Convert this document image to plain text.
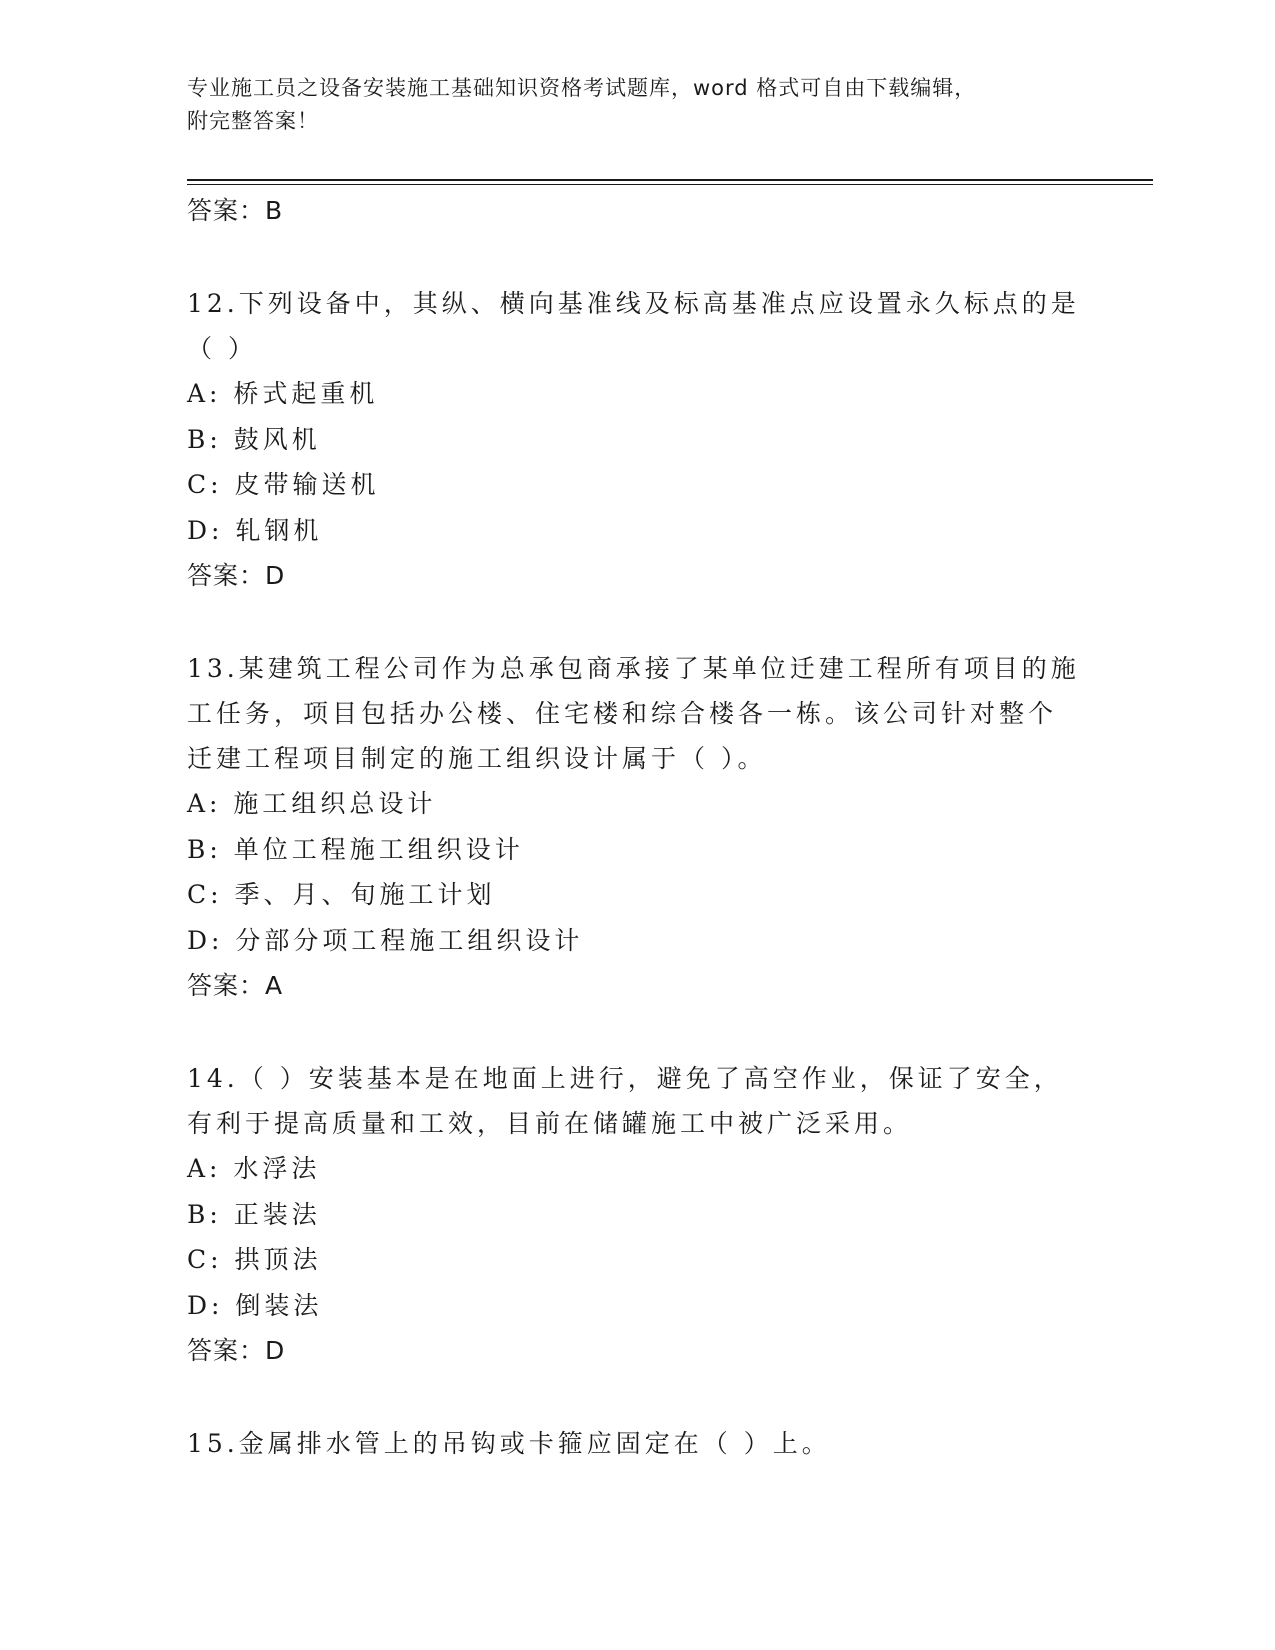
专业施工员之设备安装施工基础知识资格考试题库，word 格式可自由下载编辑，
附完整答案！
答案：B
12.下列设备中，其纵、横向基准线及标高基准点应设置永久标点的是
（ ）
A: 桥式起重机
B: 鼓风机
C: 皮带输送机
D: 轧钢机
答案：D
13.某建筑工程公司作为总承包商承接了某单位迁建工程所有项目的施
工任务，项目包括办公楼、住宅楼和综合楼各一栋。该公司针对整个
迁建工程项目制定的施工组织设计属于（ ）。
A: 施工组织总设计
B: 单位工程施工组织设计
C: 季、月、旬施工计划
D: 分部分项工程施工组织设计
答案：A
14.（ ）安装基本是在地面上进行，避免了高空作业，保证了安全，
有利于提高质量和工效，目前在储罐施工中被广泛采用。
A: 水浮法
B: 正装法
C: 拱顶法
D: 倒装法
答案：D
15.金属排水管上的吊钩或卡箍应固定在（ ）上。
